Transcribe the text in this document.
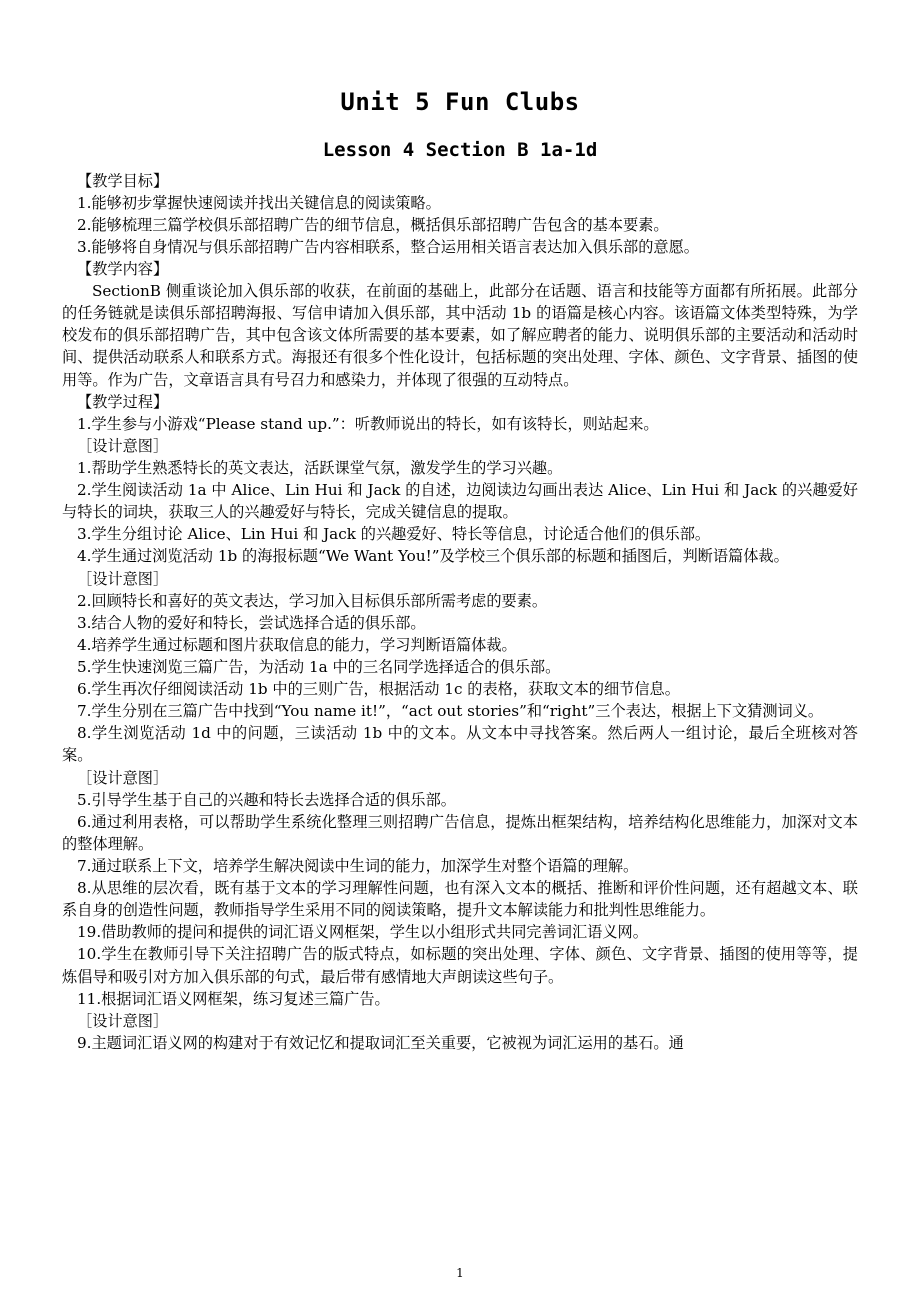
Unit 5 Fun Clubs
Lesson 4 Section B 1a-1d

【教学目标】

1.能够初步掌握快速阅读并找出关键信息的阅读策略。

2.能够梳理三篇学校俱乐部招聘广告的细节信息，概括俱乐部招聘广告包含的基本要素。

3.能够将自身情况与俱乐部招聘广告内容相联系，整合运用相关语言表达加入俱乐部的意愿。

【教学内容】

SectionB 侧重谈论加入俱乐部的收获，在前面的基础上，此部分在话题、语言和技能等方面都有所拓展。此部分的任务链就是读俱乐部招聘海报、写信申请加入俱乐部，其中活动 1b 的语篇是核心内容。该语篇文体类型特殊，为学校发布的俱乐部招聘广告，其中包含该文体所需要的基本要素，如了解应聘者的能力、说明俱乐部的主要活动和活动时间、提供活动联系人和联系方式。海报还有很多个性化设计，包括标题的突出处理、字体、颜色、文字背景、插图的使用等。作为广告，文章语言具有号召力和感染力，并体现了很强的互动特点。

【教学过程】

1.学生参与小游戏“Please stand up.”：听教师说出的特长，如有该特长，则站起来。

［设计意图］

1.帮助学生熟悉特长的英文表达，活跃课堂气氛，激发学生的学习兴趣。

2.学生阅读活动 1a 中 Alice、Lin Hui 和 Jack 的自述，边阅读边勾画出表达 Alice、Lin Hui 和 Jack 的兴趣爱好与特长的词块，获取三人的兴趣爱好与特长，完成关键信息的提取。

3.学生分组讨论 Alice、Lin Hui 和 Jack 的兴趣爱好、特长等信息，讨论适合他们的俱乐部。

4.学生通过浏览活动 1b 的海报标题“We Want You!”及学校三个俱乐部的标题和插图后，判断语篇体裁。

［设计意图］

2.回顾特长和喜好的英文表达，学习加入目标俱乐部所需考虑的要素。

3.结合人物的爱好和特长，尝试选择合适的俱乐部。

4.培养学生通过标题和图片获取信息的能力，学习判断语篇体裁。

5.学生快速浏览三篇广告，为活动 1a 中的三名同学选择适合的俱乐部。

6.学生再次仔细阅读活动 1b 中的三则广告，根据活动 1c 的表格，获取文本的细节信息。

7.学生分别在三篇广告中找到“You name it!”，“act out stories”和“right”三个表达，根据上下文猜测词义。

8.学生浏览活动 1d 中的问题，三读活动 1b 中的文本。从文本中寻找答案。然后两人一组讨论，最后全班核对答案。

［设计意图］

5.引导学生基于自己的兴趣和特长去选择合适的俱乐部。

6.通过利用表格，可以帮助学生系统化整理三则招聘广告信息，提炼出框架结构，培养结构化思维能力，加深对文本的整体理解。

7.通过联系上下文，培养学生解决阅读中生词的能力，加深学生对整个语篇的理解。

8.从思维的层次看，既有基于文本的学习理解性问题，也有深入文本的概括、推断和评价性问题，还有超越文本、联系自身的创造性问题，教师指导学生采用不同的阅读策略，提升文本解读能力和批判性思维能力。

19.借助教师的提问和提供的词汇语义网框架，学生以小组形式共同完善词汇语义网。

10.学生在教师引导下关注招聘广告的版式特点，如标题的突出处理、字体、颜色、文字背景、插图的使用等等，提炼倡导和吸引对方加入俱乐部的句式，最后带有感情地大声朗读这些句子。

11.根据词汇语义网框架，练习复述三篇广告。

［设计意图］

9.主题词汇语义网的构建对于有效记忆和提取词汇至关重要，它被视为词汇运用的基石。通

1
